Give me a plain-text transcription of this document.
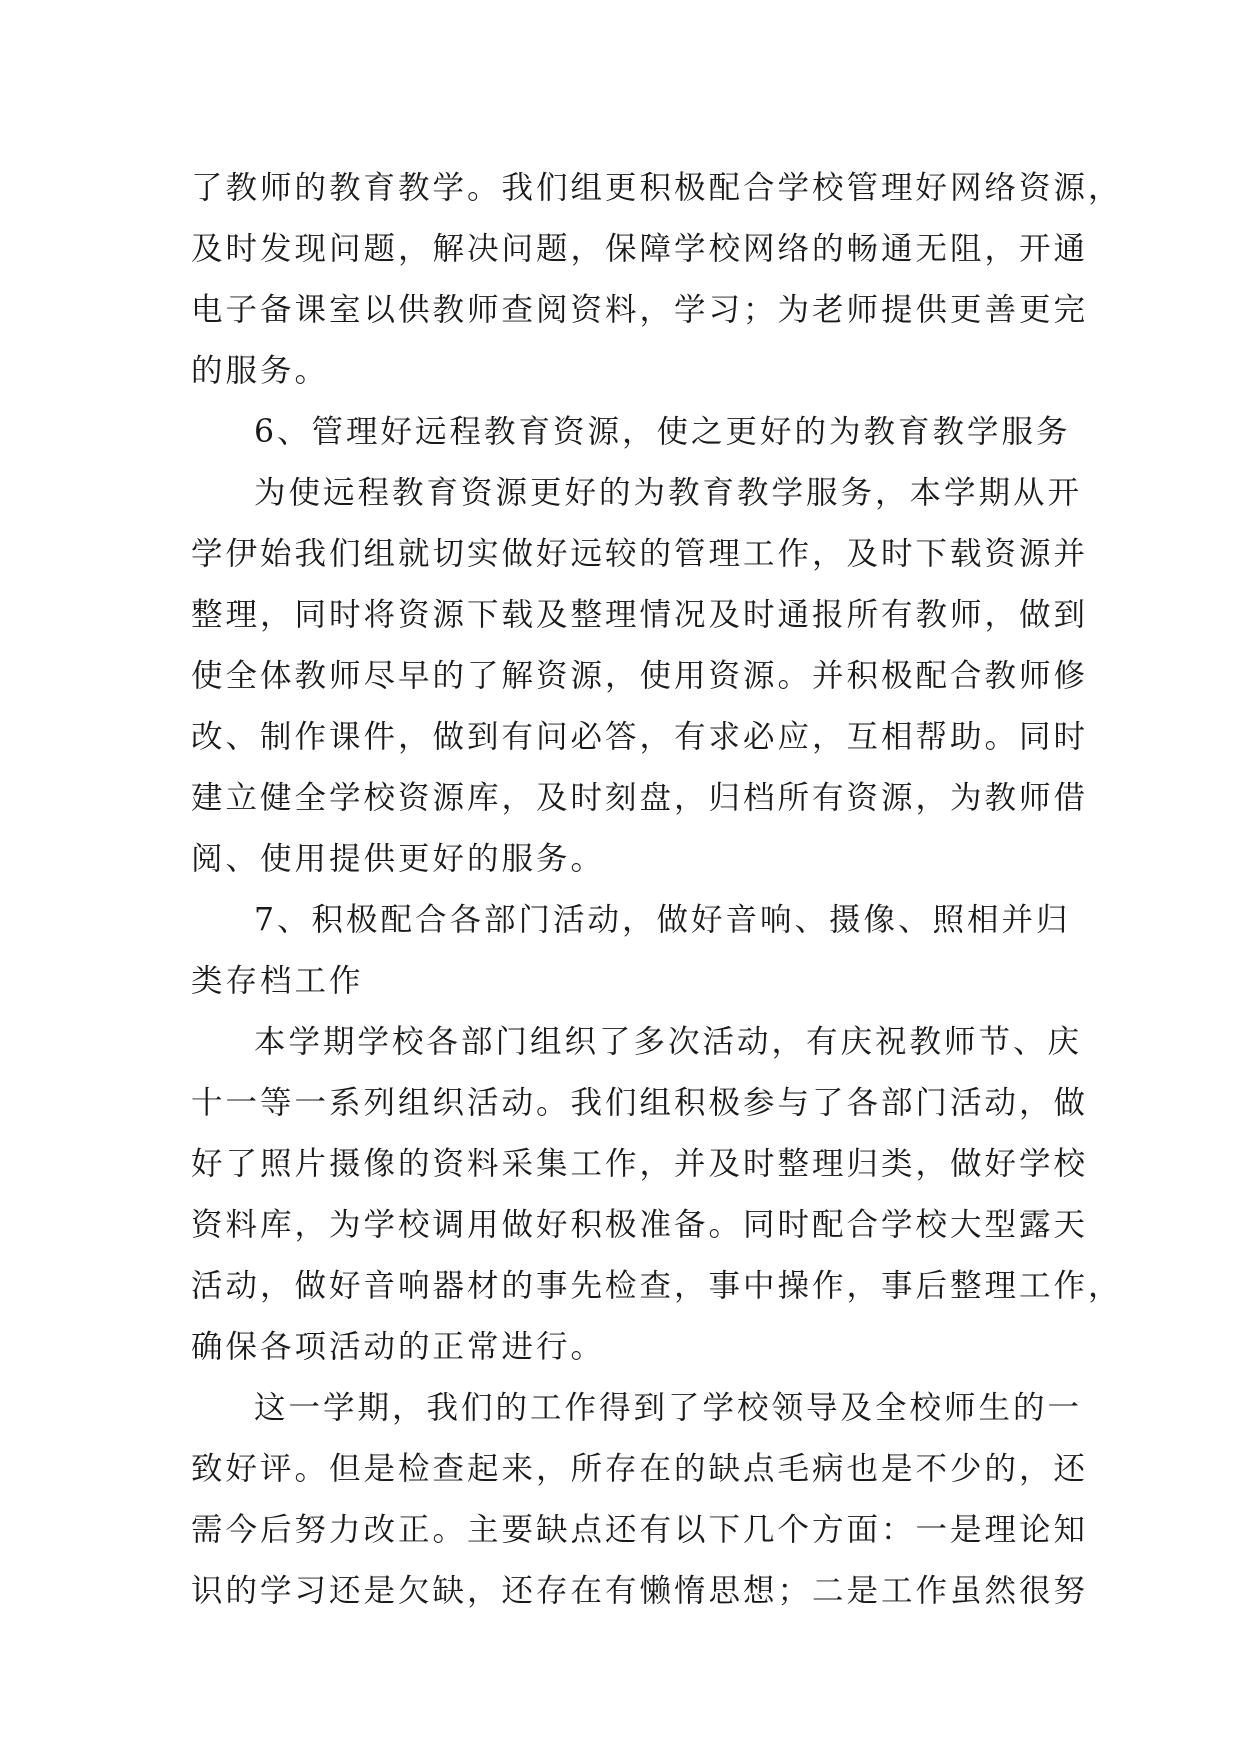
了教师的教育教学。我们组更积极配合学校管理好网络资源，
及时发现问题，解决问题，保障学校网络的畅通无阻，开通
电子备课室以供教师查阅资料，学习；为老师提供更善更完
的服务。
6、管理好远程教育资源，使之更好的为教育教学服务
为使远程教育资源更好的为教育教学服务，本学期从开
学伊始我们组就切实做好远较的管理工作，及时下载资源并
整理，同时将资源下载及整理情况及时通报所有教师，做到
使全体教师尽早的了解资源，使用资源。并积极配合教师修
改、制作课件，做到有问必答，有求必应，互相帮助。同时
建立健全学校资源库，及时刻盘，归档所有资源，为教师借
阅、使用提供更好的服务。
7、积极配合各部门活动，做好音响、摄像、照相并归
类存档工作
本学期学校各部门组织了多次活动，有庆祝教师节、庆
十一等一系列组织活动。我们组积极参与了各部门活动，做
好了照片摄像的资料采集工作，并及时整理归类，做好学校
资料库，为学校调用做好积极准备。同时配合学校大型露天
活动，做好音响器材的事先检查，事中操作，事后整理工作，
确保各项活动的正常进行。
这一学期，我们的工作得到了学校领导及全校师生的一
致好评。但是检查起来，所存在的缺点毛病也是不少的，还
需今后努力改正。主要缺点还有以下几个方面：一是理论知
识的学习还是欠缺，还存在有懒惰思想；二是工作虽然很努
